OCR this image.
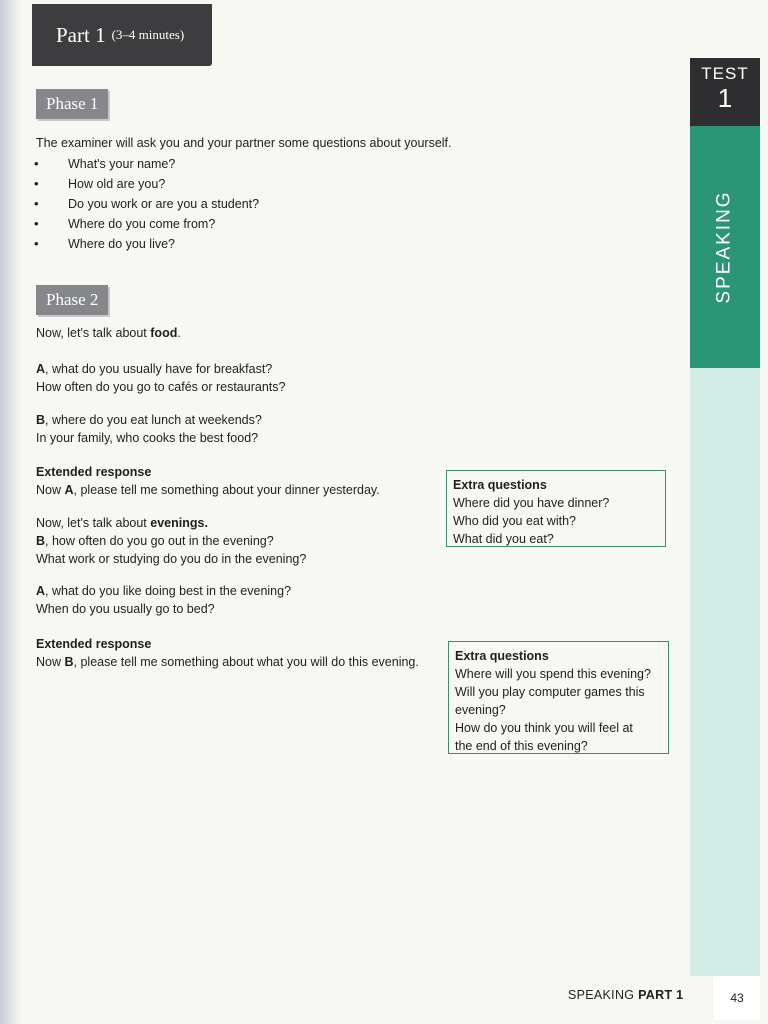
Part 1 (3–4 minutes)
Phase 1
The examiner will ask you and your partner some questions about yourself.
• What's your name?
• How old are you?
• Do you work or are you a student?
• Where do you come from?
• Where do you live?
Phase 2
Now, let's talk about food.
A, what do you usually have for breakfast?
How often do you go to cafés or restaurants?
B, where do you eat lunch at weekends?
In your family, who cooks the best food?
Extended response
Now A, please tell me something about your dinner yesterday.
Now, let's talk about evenings.
B, how often do you go out in the evening?
What work or studying do you do in the evening?
A, what do you like doing best in the evening?
When do you usually go to bed?
Extended response
Now B, please tell me something about what you will do this evening.
Extra questions
Where did you have dinner?
Who did you eat with?
What did you eat?
Extra questions
Where will you spend this evening?
Will you play computer games this
evening?
How do you think you will feel at
the end of this evening?
TEST
1
SPEAKING
SPEAKING PART 1	43
